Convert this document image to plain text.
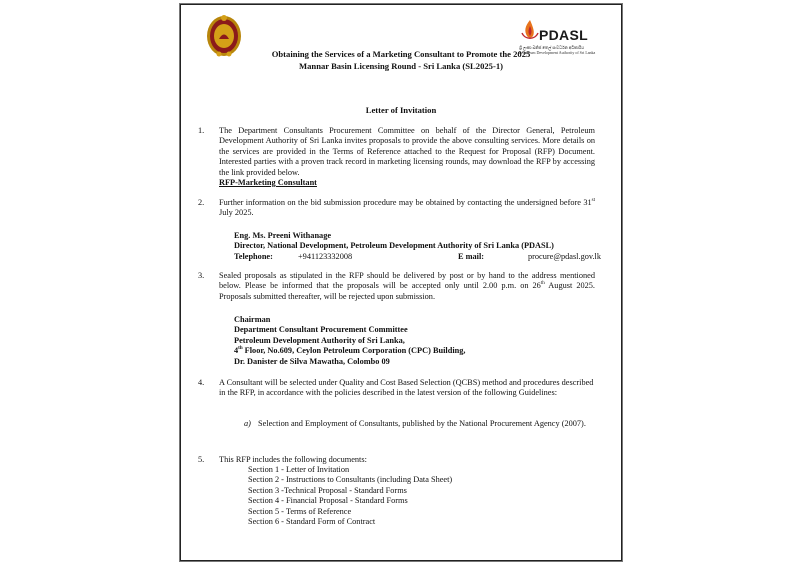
PDASL
ශ්‍රී ලංකා ඛනිජ තෙල් සංවර්ධන අධිකාරිය
Petroleum Development Authority of Sri Lanka
Obtaining the Services of a Marketing Consultant to Promote the 2025
Mannar Basin Licensing Round - Sri Lanka (SL2025-1)
Letter of Invitation
1. The Department Consultants Procurement Committee on behalf of the Director General, Petroleum Development Authority of Sri Lanka invites proposals to provide the above consulting services. More details on the services are provided in the Terms of Reference attached to the Request for Proposal (RFP) Document. Interested parties with a proven track record in marketing licensing rounds, may download the RFP by accessing the link provided below.
RFP-Marketing Consultant
2. Further information on the bid submission procedure may be obtained by contacting the undersigned before 31st July 2025.
Eng. Ms. Preeni Withanage
Director, National Development, Petroleum Development Authority of Sri Lanka (PDASL)
Telephone:	+941123332008	E mail:	procure@pdasl.gov.lk
3. Sealed proposals as stipulated in the RFP should be delivered by post or by hand to the address mentioned below. Please be informed that the proposals will be accepted only until 2.00 p.m. on 26th August 2025. Proposals submitted thereafter, will be rejected upon submission.
Chairman
Department Consultant Procurement Committee
Petroleum Development Authority of Sri Lanka,
4th Floor, No.609, Ceylon Petroleum Corporation (CPC) Building,
Dr. Danister de Silva Mawatha, Colombo 09
4. A Consultant will be selected under Quality and Cost Based Selection (QCBS) method and procedures described in the RFP, in accordance with the policies described in the latest version of the following Guidelines:
a) Selection and Employment of Consultants, published by the National Procurement Agency (2007).
5. This RFP includes the following documents:
Section 1 - Letter of Invitation
Section 2 - Instructions to Consultants (including Data Sheet)
Section 3 -Technical Proposal - Standard Forms
Section 4 - Financial Proposal - Standard Forms
Section 5 - Terms of Reference
Section 6 - Standard Form of Contract
